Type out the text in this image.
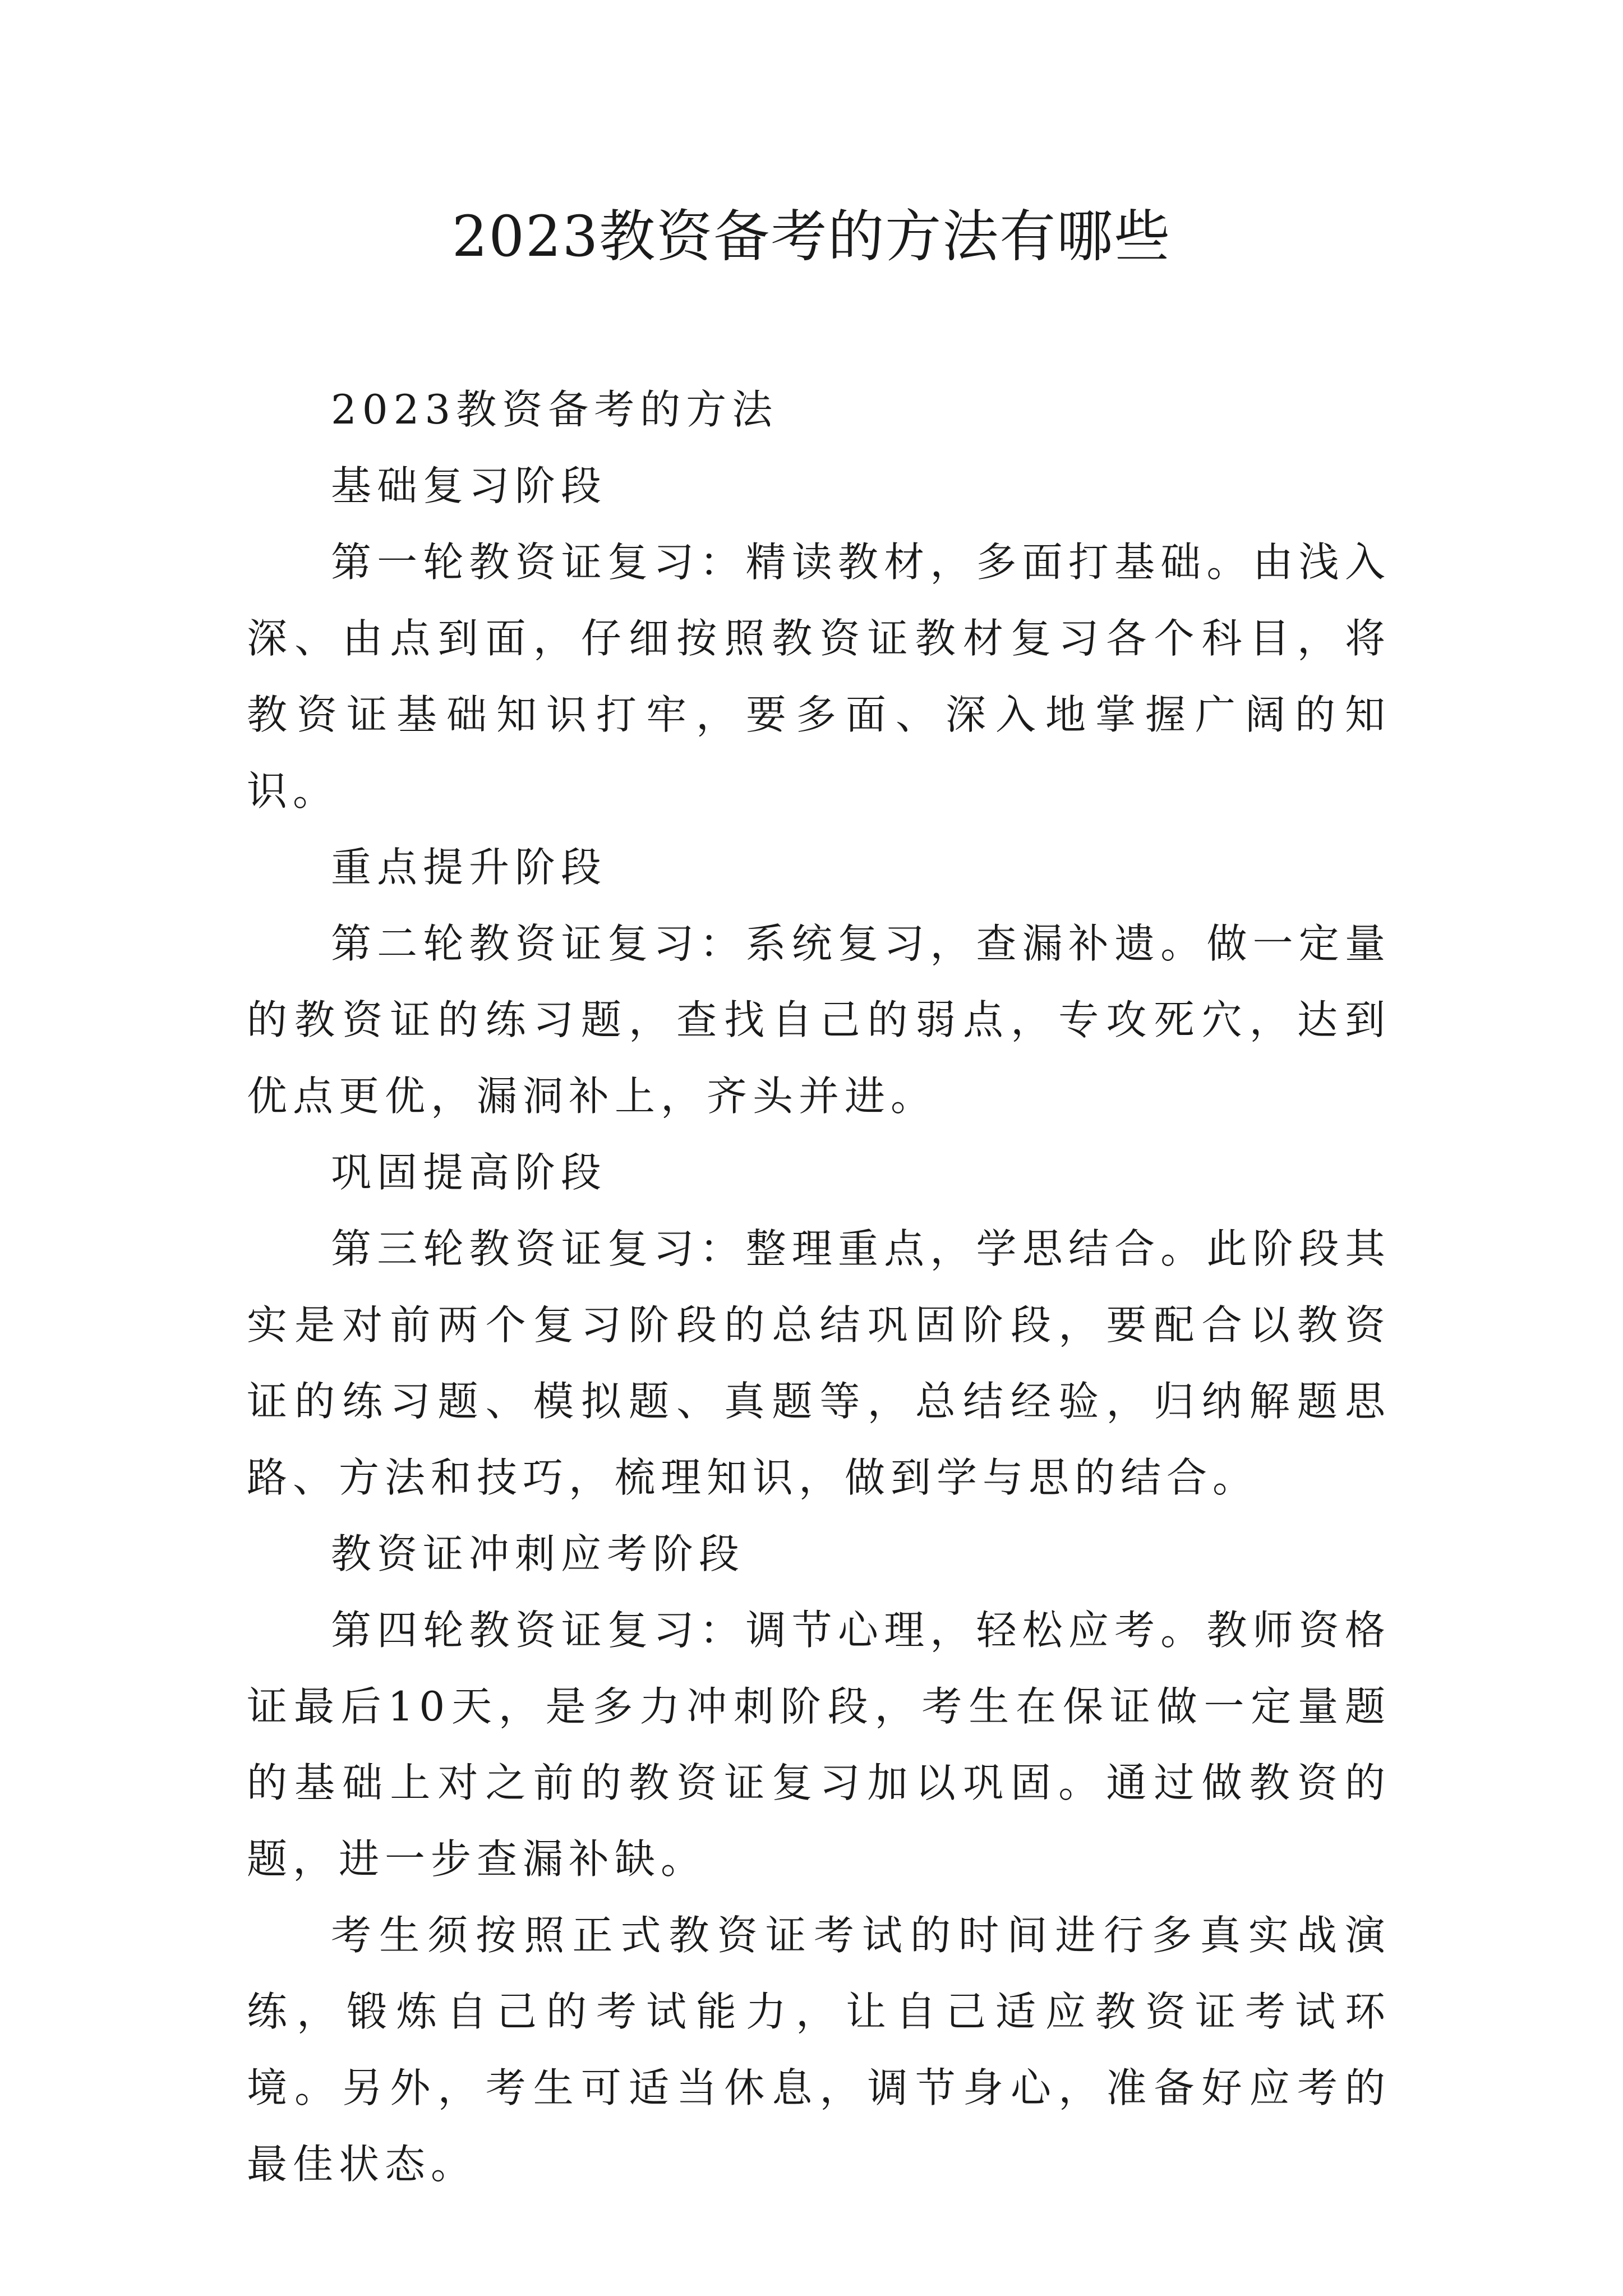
2023教资备考的方法有哪些

2023教资备考的方法

基础复习阶段

第一轮教资证复习：精读教材，多面打基础。由浅入深、由点到面，仔细按照教资证教材复习各个科目，将教资证基础知识打牢，要多面、深入地掌握广阔的知识。

重点提升阶段

第二轮教资证复习：系统复习，查漏补遗。做一定量的教资证的练习题，查找自己的弱点，专攻死穴，达到优点更优，漏洞补上，齐头并进。

巩固提高阶段

第三轮教资证复习：整理重点，学思结合。此阶段其实是对前两个复习阶段的总结巩固阶段，要配合以教资证的练习题、模拟题、真题等，总结经验，归纳解题思路、方法和技巧，梳理知识，做到学与思的结合。

教资证冲刺应考阶段

第四轮教资证复习：调节心理，轻松应考。教师资格证最后10天，是多力冲刺阶段，考生在保证做一定量题的基础上对之前的教资证复习加以巩固。通过做教资的题，进一步查漏补缺。

考生须按照正式教资证考试的时间进行多真实战演练，锻炼自己的考试能力，让自己适应教资证考试环境。另外，考生可适当休息，调节身心，准备好应考的最佳状态。
